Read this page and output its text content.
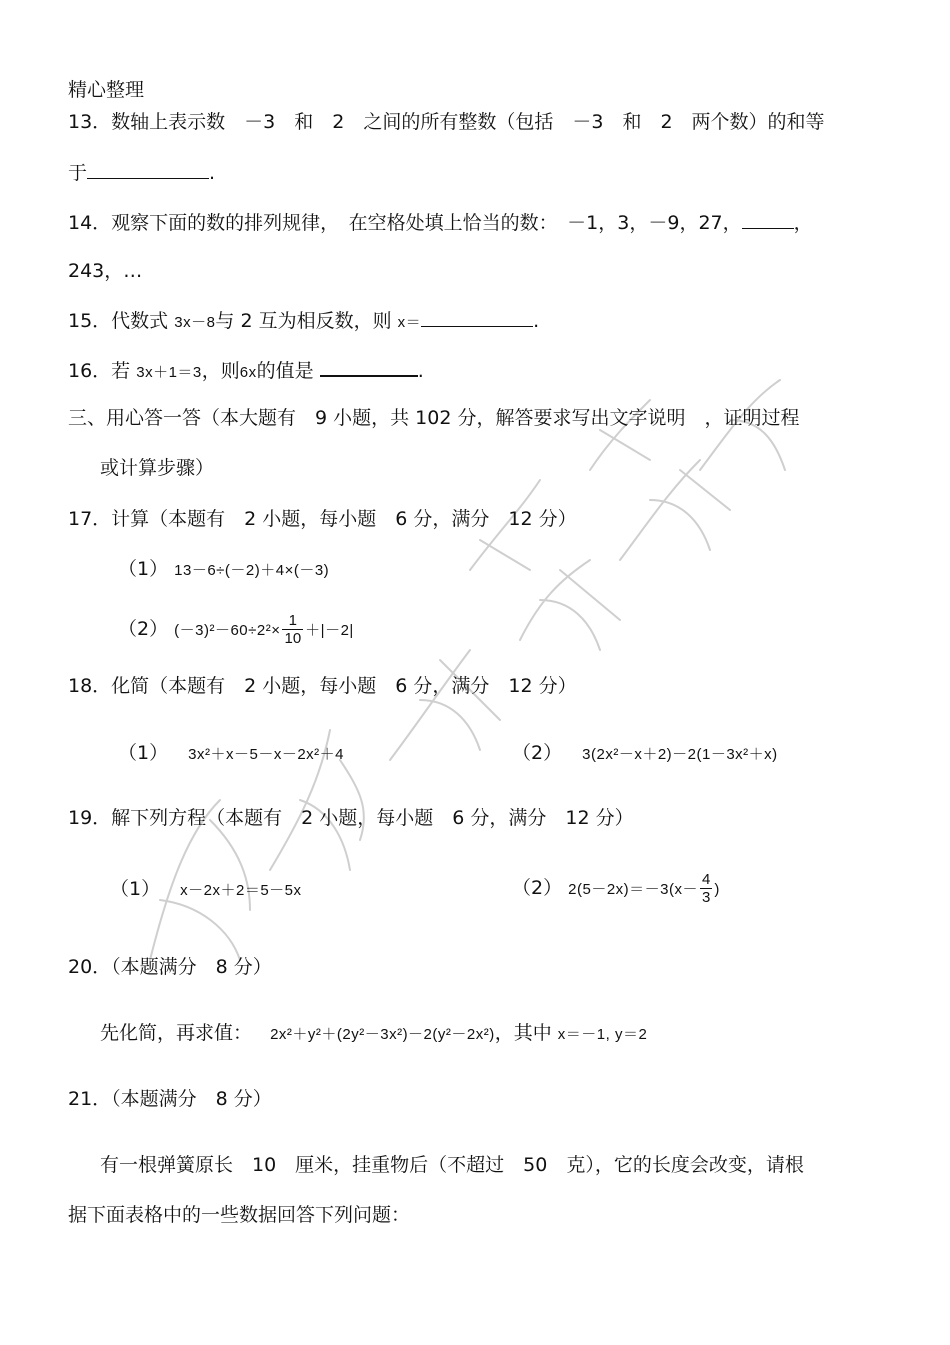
精心整理
13．数轴上表示数　－3　和　2　之间的所有整数（包括　－3　和　2　两个数）的和等
于	.
14．观察下面的数的排列规律，　在空格处填上恰当的数：　－1，3，－9，27，	，
243，…
15．代数式 3x－8与 2 互为相反数，则 x＝	.
16．若 3x＋1＝3，则6x的值是	.
三、用心答一答（本大题有　9 小题，共 102 分，解答要求写出文字说明　，证明过程
或计算步骤）
17．计算（本题有　2 小题，每小题　6 分，满分　12 分）
（1） 13－6÷(－2)＋4×(－3)
（2） $(-3)^2-60\div 2^2\times \frac{1}{10} +|-2|$
18．化简（本题有　2 小题，每小题　6 分，满分　12 分）
（1） 3x²＋x－5－x－2x²＋4	（2） 3(2x²－x＋2)－2(1－3x²＋x)
19．解下列方程（本题有　2 小题，每小题　6 分，满分　12 分）
（1） x－2x＋2＝5－5x	（2） $2(5-2x)=-3(x- \frac{4}{3}$ )
20．（本题满分　8 分）
先化简，再求值： 2x²＋y²＋(2y²－3x²)－2(y²－2x²)，其中 x＝－1, y＝2
21．（本题满分　8 分）
有一根弹簧原长　10　厘米，挂重物后（不超过　50　克），它的长度会改变，请根
据下面表格中的一些数据回答下列问题：
